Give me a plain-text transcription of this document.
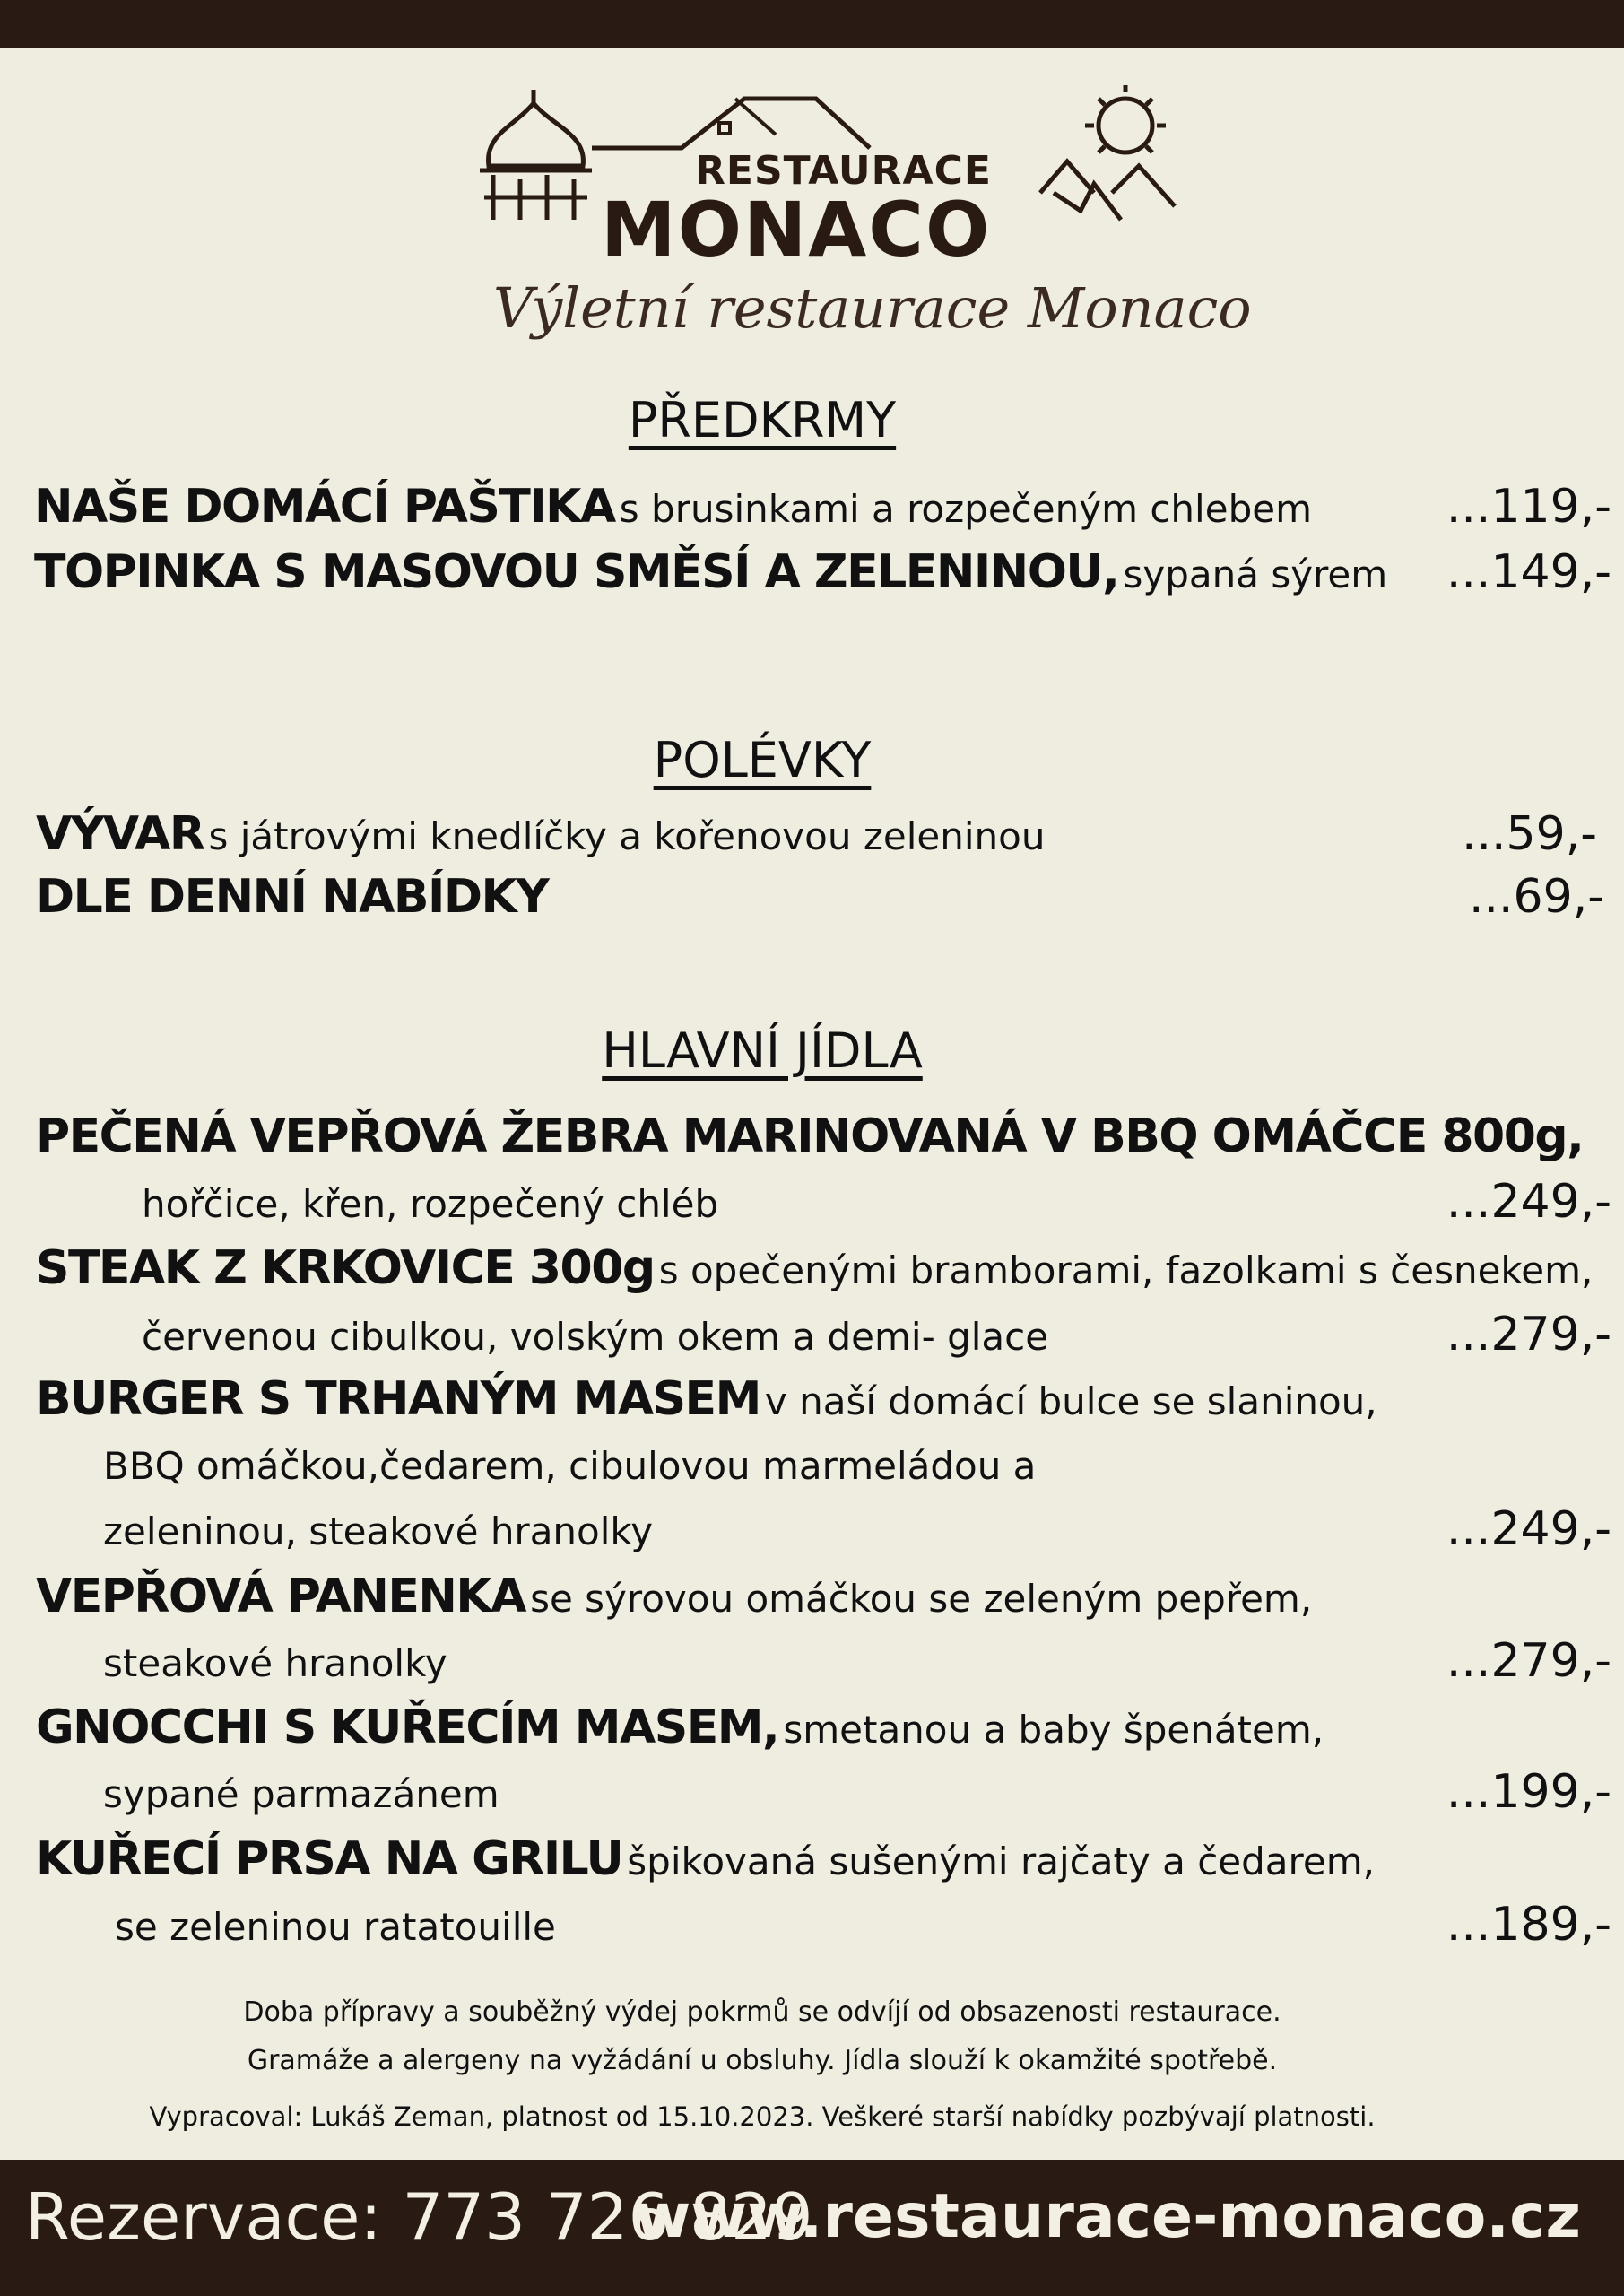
RESTAURACE
MONACO
Výletní restaurace Monaco
PŘEDKRMY
NAŠE DOMÁCÍ PAŠTIKA s brusinkami a rozpečeným chlebem	...119,-
TOPINKA S MASOVOU SMĚSÍ A ZELENINOU, sypaná sýrem ...149,-
POLÉVKY
VÝVAR s játrovými knedlíčky a kořenovou zeleninou	...59,-
DLE DENNÍ NABÍDKY	...69,-
HLAVNÍ JÍDLA
PEČENÁ VEPŘOVÁ ŽEBRA MARINOVANÁ V BBQ OMÁČCE 800g,
hořčice, křen, rozpečený chléb	...249,-
STEAK Z KRKOVICE 300g s opečenými bramborami, fazolkami s česnekem,
červenou cibulkou, volským okem a demi- glace	...279,-
BURGER S TRHANÝM MASEM v naší domácí bulce se slaninou,
BBQ omáčkou,čedarem, cibulovou marmeládou a
zeleninou, steakové hranolky	...249,-
VEPŘOVÁ PANENKA se sýrovou omáčkou se zeleným pepřem,
steakové hranolky	...279,-
GNOCCHI S KUŘECÍM MASEM, smetanou a baby špenátem,
sypané parmazánem	...199,-
KUŘECÍ PRSA NA GRILU špikovaná sušenými rajčaty a čedarem,
se zeleninou ratatouille	...189,-
Doba přípravy a souběžný výdej pokrmů se odvíjí od obsazenosti restaurace.
Gramáže a alergeny na vyžádání u obsluhy. Jídla slouží k okamžité spotřebě.
Vypracoval: Lukáš Zeman, platnost od 15.10.2023. Veškeré starší nabídky pozbývají platnosti.
Rezervace: 773 726 829
www.restaurace-monaco.cz
